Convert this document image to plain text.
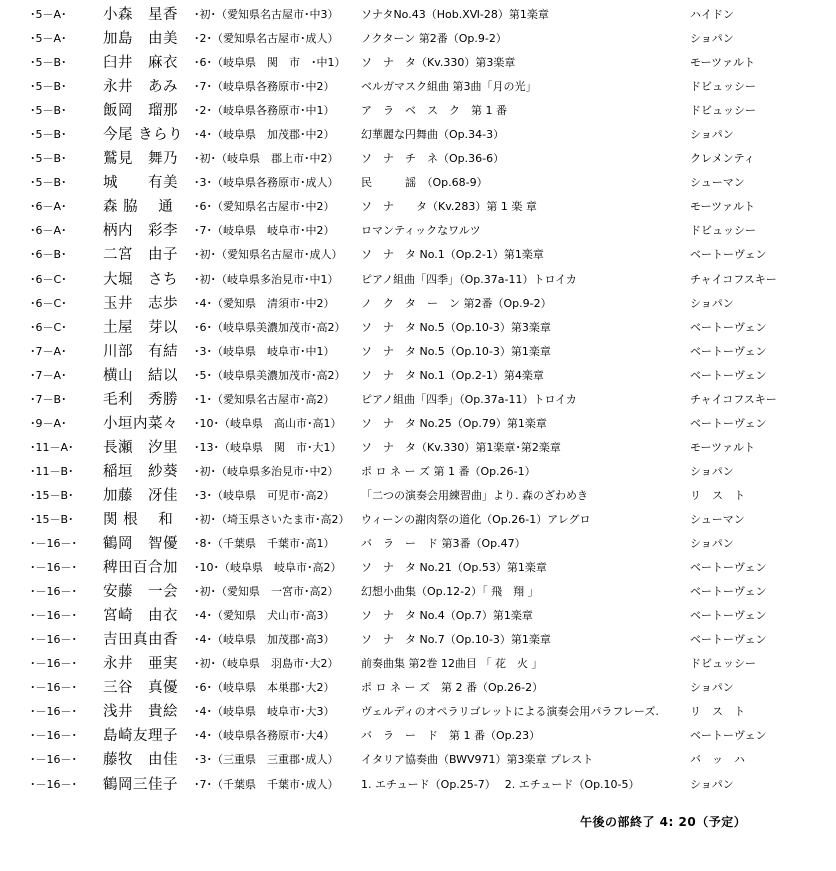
･5－A･	小森　星香 ･初･（愛知県名古屋市･中3） ソナタNo.43（Hob.ⅩⅥ-28）第1楽章	ハイドン
･5－A･	加島　由美 ･2･（愛知県名古屋市･成人） ノクターン 第2番（Op.9-2）	ショパン
･5－B･	臼井　麻衣 ･6･（岐阜県　関　市　･中1） ソ　ナ　タ（Kv.330）第3楽章	モーツァルト
･5－B･	永井　あみ ･7･（岐阜県各務原市･中2） ベルガマスク組曲 第3曲「月の光」	ドビュッシー
･5－B･	飯岡　瑠那 ･2･（岐阜県各務原市･中1） ア　ラ　ベ　ス　ク　第 1 番	ドビュッシー
･5－B･	今尾 きらり ･4･（岐阜県　加茂郡･中2） 幻華麗な円舞曲（Op.34-3）	ショパン
･5－B･	鷲見　舞乃 ･初･（岐阜県　郡上市･中2） ソ　ナ　チ　ネ（Op.36-6）	クレメンティ
･5－B･	城　　有美 ･3･（岐阜県各務原市･成人） 民　　　謡　（Op.68-9）	シューマン
･6－A･	森 脇　 通 ･6･（愛知県名古屋市･中2） ソ　ナ　　タ（Kv.283）第 1 楽 章	モーツァルト
･6－A･	柄内　彩李 ･7･（岐阜県　岐阜市･中2） ロマンティックなワルツ	ドビュッシー
･6－B･	二宮　由子 ･初･（愛知県名古屋市･成人） ソ　ナ　タ No.1（Op.2-1）第1楽章	ベートーヴェン
･6－C･	大堀　さち ･初･（岐阜県多治見市･中1） ピアノ組曲「四季」（Op.37a-11）トロイカ	チャイコフスキー
･6－C･	玉井　志歩 ･4･（愛知県　清須市･中2） ノ　ク　タ　ー　ン 第2番（Op.9-2）	ショパン
･6－C･	土屋　芽以 ･6･（岐阜県美濃加茂市･高2） ソ　ナ　タ No.5（Op.10-3）第3楽章	ベートーヴェン
･7－A･	川部　有結 ･3･（岐阜県　岐阜市･中1） ソ　ナ　タ No.5（Op.10-3）第1楽章	ベートーヴェン
･7－A･	横山　結以 ･5･（岐阜県美濃加茂市･高2） ソ　ナ　タ No.1（Op.2-1）第4楽章	ベートーヴェン
･7－B･	毛利　秀勝 ･1･（愛知県名古屋市･高2） ピアノ組曲「四季」（Op.37a-11）トロイカ	チャイコフスキー
･9－A･	小垣内菜々 ･10･（岐阜県　高山市･高1） ソ　ナ　タ No.25（Op.79）第1楽章	ベートーヴェン
･11－A･	長瀬　汐里 ･13･（岐阜県　関　市･大1） ソ　ナ　タ（Kv.330）第1楽章･第2楽章	モーツァルト
･11－B･	稲垣　紗葵 ･初･（岐阜県多治見市･中2） ポ ロ ネ ー ズ 第 1 番（Op.26-1）	ショパン
･15－B･	加藤　冴佳 ･3･（岐阜県　可児市･高2） 「二つの演奏会用練習曲」より. 森のざわめき	リ　ス　ト
･15－B･	関 根　 和 ･初･（埼玉県さいたま市･高2） ウィーンの謝肉祭の道化（Op.26-1）アレグロ	シューマン
･－16－･	鶴岡　智優 ･8･（千葉県　千葉市･高1） バ　ラ　ー　ド 第3番（Op.47）	ショパン
･－16－･	稗田百合加 ･10･（岐阜県　岐阜市･高2） ソ　ナ　タ No.21（Op.53）第1楽章	ベートーヴェン
･－16－･	安藤　一会 ･初･（愛知県　一宮市･高2） 幻想小曲集（Op.12-2）「 飛　翔 」	ベートーヴェン
･－16－･	宮崎　由衣 ･4･（愛知県　犬山市･高3） ソ　ナ　タ No.4（Op.7）第1楽章	ベートーヴェン
･－16－･	吉田真由香 ･4･（岐阜県　加茂郡･高3） ソ　ナ　タ No.7（Op.10-3）第1楽章	ベートーヴェン
･－16－･	永井　亜実 ･初･（岐阜県　羽島市･大2） 前奏曲集 第2巻 12曲目 「 花　火 」	ドビュッシー
･－16－･	三谷　真優 ･6･（岐阜県　本巣郡･大2） ポ ロ ネ ー ズ　第 2 番（Op.26-2）	ショパン
･－16－･	浅井　貴絵 ･4･（岐阜県　岐阜市･大3） ヴェルディのオペラリゴレットによる演奏会用パラフレーズ.	リ　ス　ト
･－16－･	島崎友理子 ･4･（岐阜県各務原市･大4） バ　ラ　ー　ド　第 1 番（Op.23）	ベートーヴェン
･－16－･	藤牧　由佳 ･3･（三重県　三重郡･成人） イタリア協奏曲（BWV971）第3楽章 プレスト	バ　ッ　ハ
･－16－･	鶴岡三佳子 ･7･（千葉県　千葉市･成人） 1. エチュード（Op.25-7）　 2. エチュード（Op.10-5）	ショパン
午後の部終了 4: 20（予定）
